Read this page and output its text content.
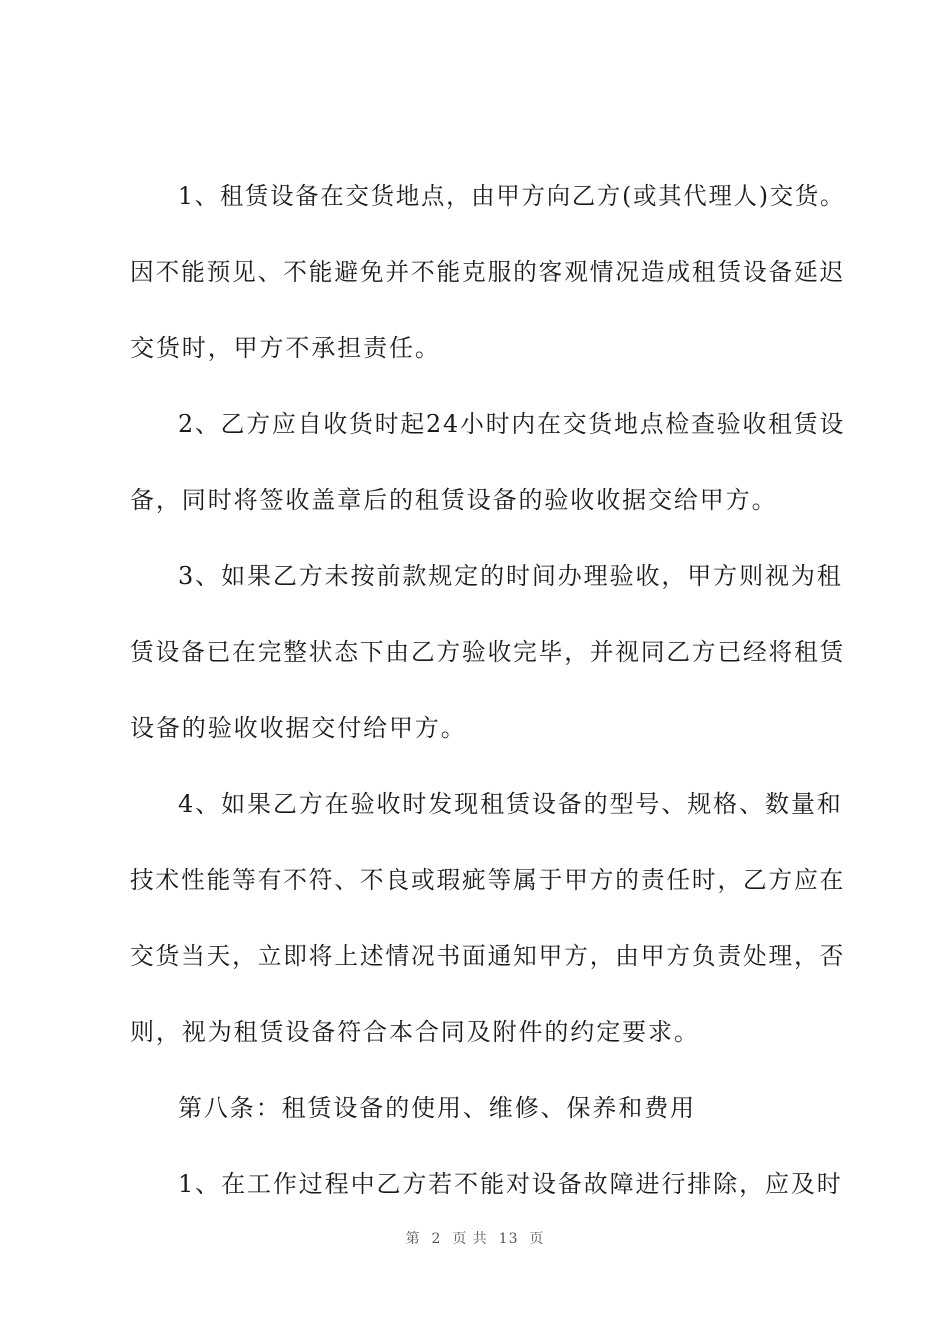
1、租赁设备在交货地点，由甲方向乙方(或其代理人)交货。
因不能预见、不能避免并不能克服的客观情况造成租赁设备延迟
交货时，甲方不承担责任。
2、乙方应自收货时起24小时内在交货地点检查验收租赁设
备，同时将签收盖章后的租赁设备的验收收据交给甲方。
3、如果乙方未按前款规定的时间办理验收，甲方则视为租
赁设备已在完整状态下由乙方验收完毕，并视同乙方已经将租赁
设备的验收收据交付给甲方。
4、如果乙方在验收时发现租赁设备的型号、规格、数量和
技术性能等有不符、不良或瑕疵等属于甲方的责任时，乙方应在
交货当天，立即将上述情况书面通知甲方，由甲方负责处理，否
则，视为租赁设备符合本合同及附件的约定要求。
第八条：租赁设备的使用、维修、保养和费用
1、在工作过程中乙方若不能对设备故障进行排除，应及时
第  2  页 共  13  页
